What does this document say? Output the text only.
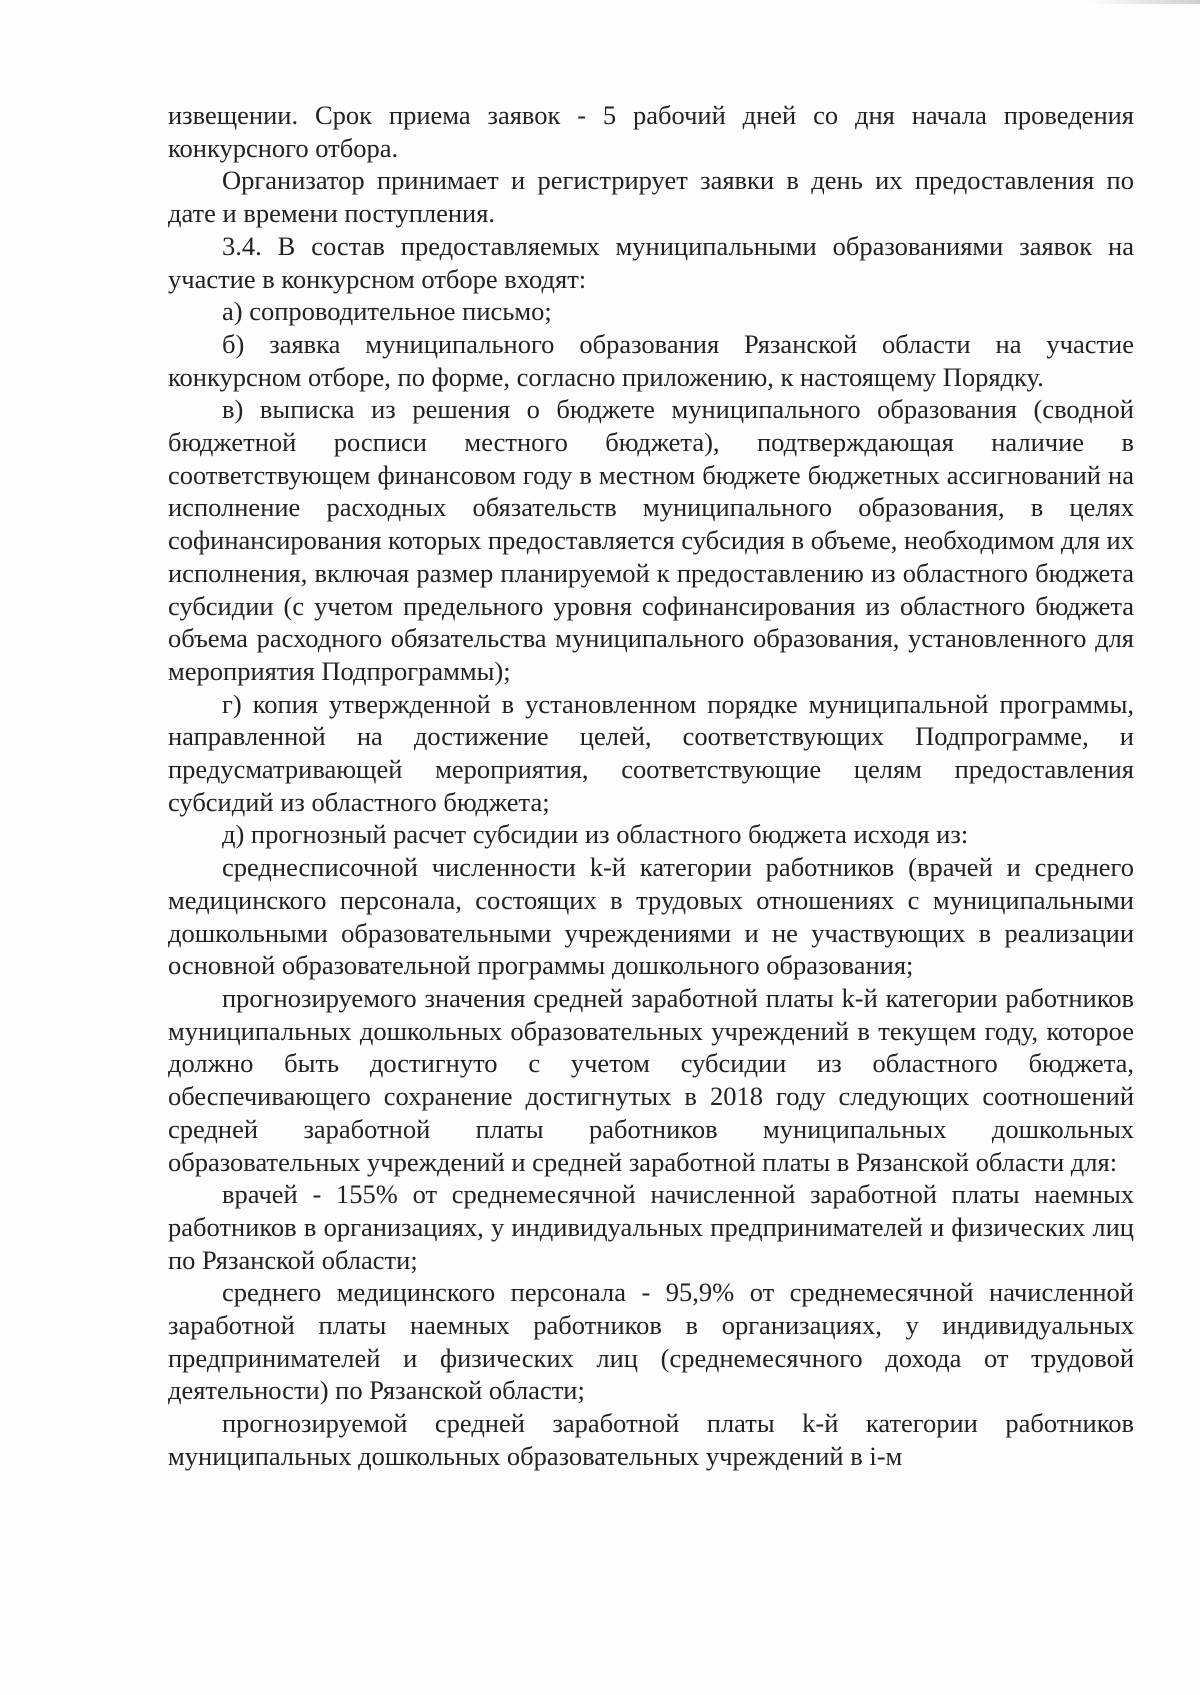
извещении. Срок приема заявок - 5 рабочий дней со дня начала проведения конкурсного отбора.

Организатор принимает и регистрирует заявки в день их предоставления по дате и времени поступления.

3.4. В состав предоставляемых муниципальными образованиями заявок на участие в конкурсном отборе входят:

а) сопроводительное письмо;

б) заявка муниципального образования Рязанской области на участие конкурсном отборе, по форме, согласно приложению, к настоящему Порядку.

в) выписка из решения о бюджете муниципального образования (сводной бюджетной росписи местного бюджета), подтверждающая наличие в соответствующем финансовом году в местном бюджете бюджетных ассигнований на исполнение расходных обязательств муниципального образования, в целях софинансирования которых предоставляется субсидия в объеме, необходимом для их исполнения, включая размер планируемой к предоставлению из областного бюджета субсидии (с учетом предельного уровня софинансирования из областного бюджета объема расходного обязательства муниципального образования, установленного для мероприятия Подпрограммы);

г) копия утвержденной в установленном порядке муниципальной программы, направленной на достижение целей, соответствующих Подпрограмме, и предусматривающей мероприятия, соответствующие целям предоставления субсидий из областного бюджета;

д) прогнозный расчет субсидии из областного бюджета исходя из:

среднесписочной численности k-й категории работников (врачей и среднего медицинского персонала, состоящих в трудовых отношениях с муниципальными дошкольными образовательными учреждениями и не участвующих в реализации основной образовательной программы дошкольного образования;

прогнозируемого значения средней заработной платы k-й категории работников муниципальных дошкольных образовательных учреждений в текущем году, которое должно быть достигнуто с учетом субсидии из областного бюджета, обеспечивающего сохранение достигнутых в 2018 году следующих соотношений средней заработной платы работников муниципальных дошкольных образовательных учреждений и средней заработной платы в Рязанской области для:

врачей - 155% от среднемесячной начисленной заработной платы наемных работников в организациях, у индивидуальных предпринимателей и физических лиц по Рязанской области;

среднего медицинского персонала - 95,9% от среднемесячной начисленной заработной платы наемных работников в организациях, у индивидуальных предпринимателей и физических лиц (среднемесячного дохода от трудовой деятельности) по Рязанской области;

прогнозируемой средней заработной платы k-й категории работников муниципальных дошкольных образовательных учреждений в i-м
